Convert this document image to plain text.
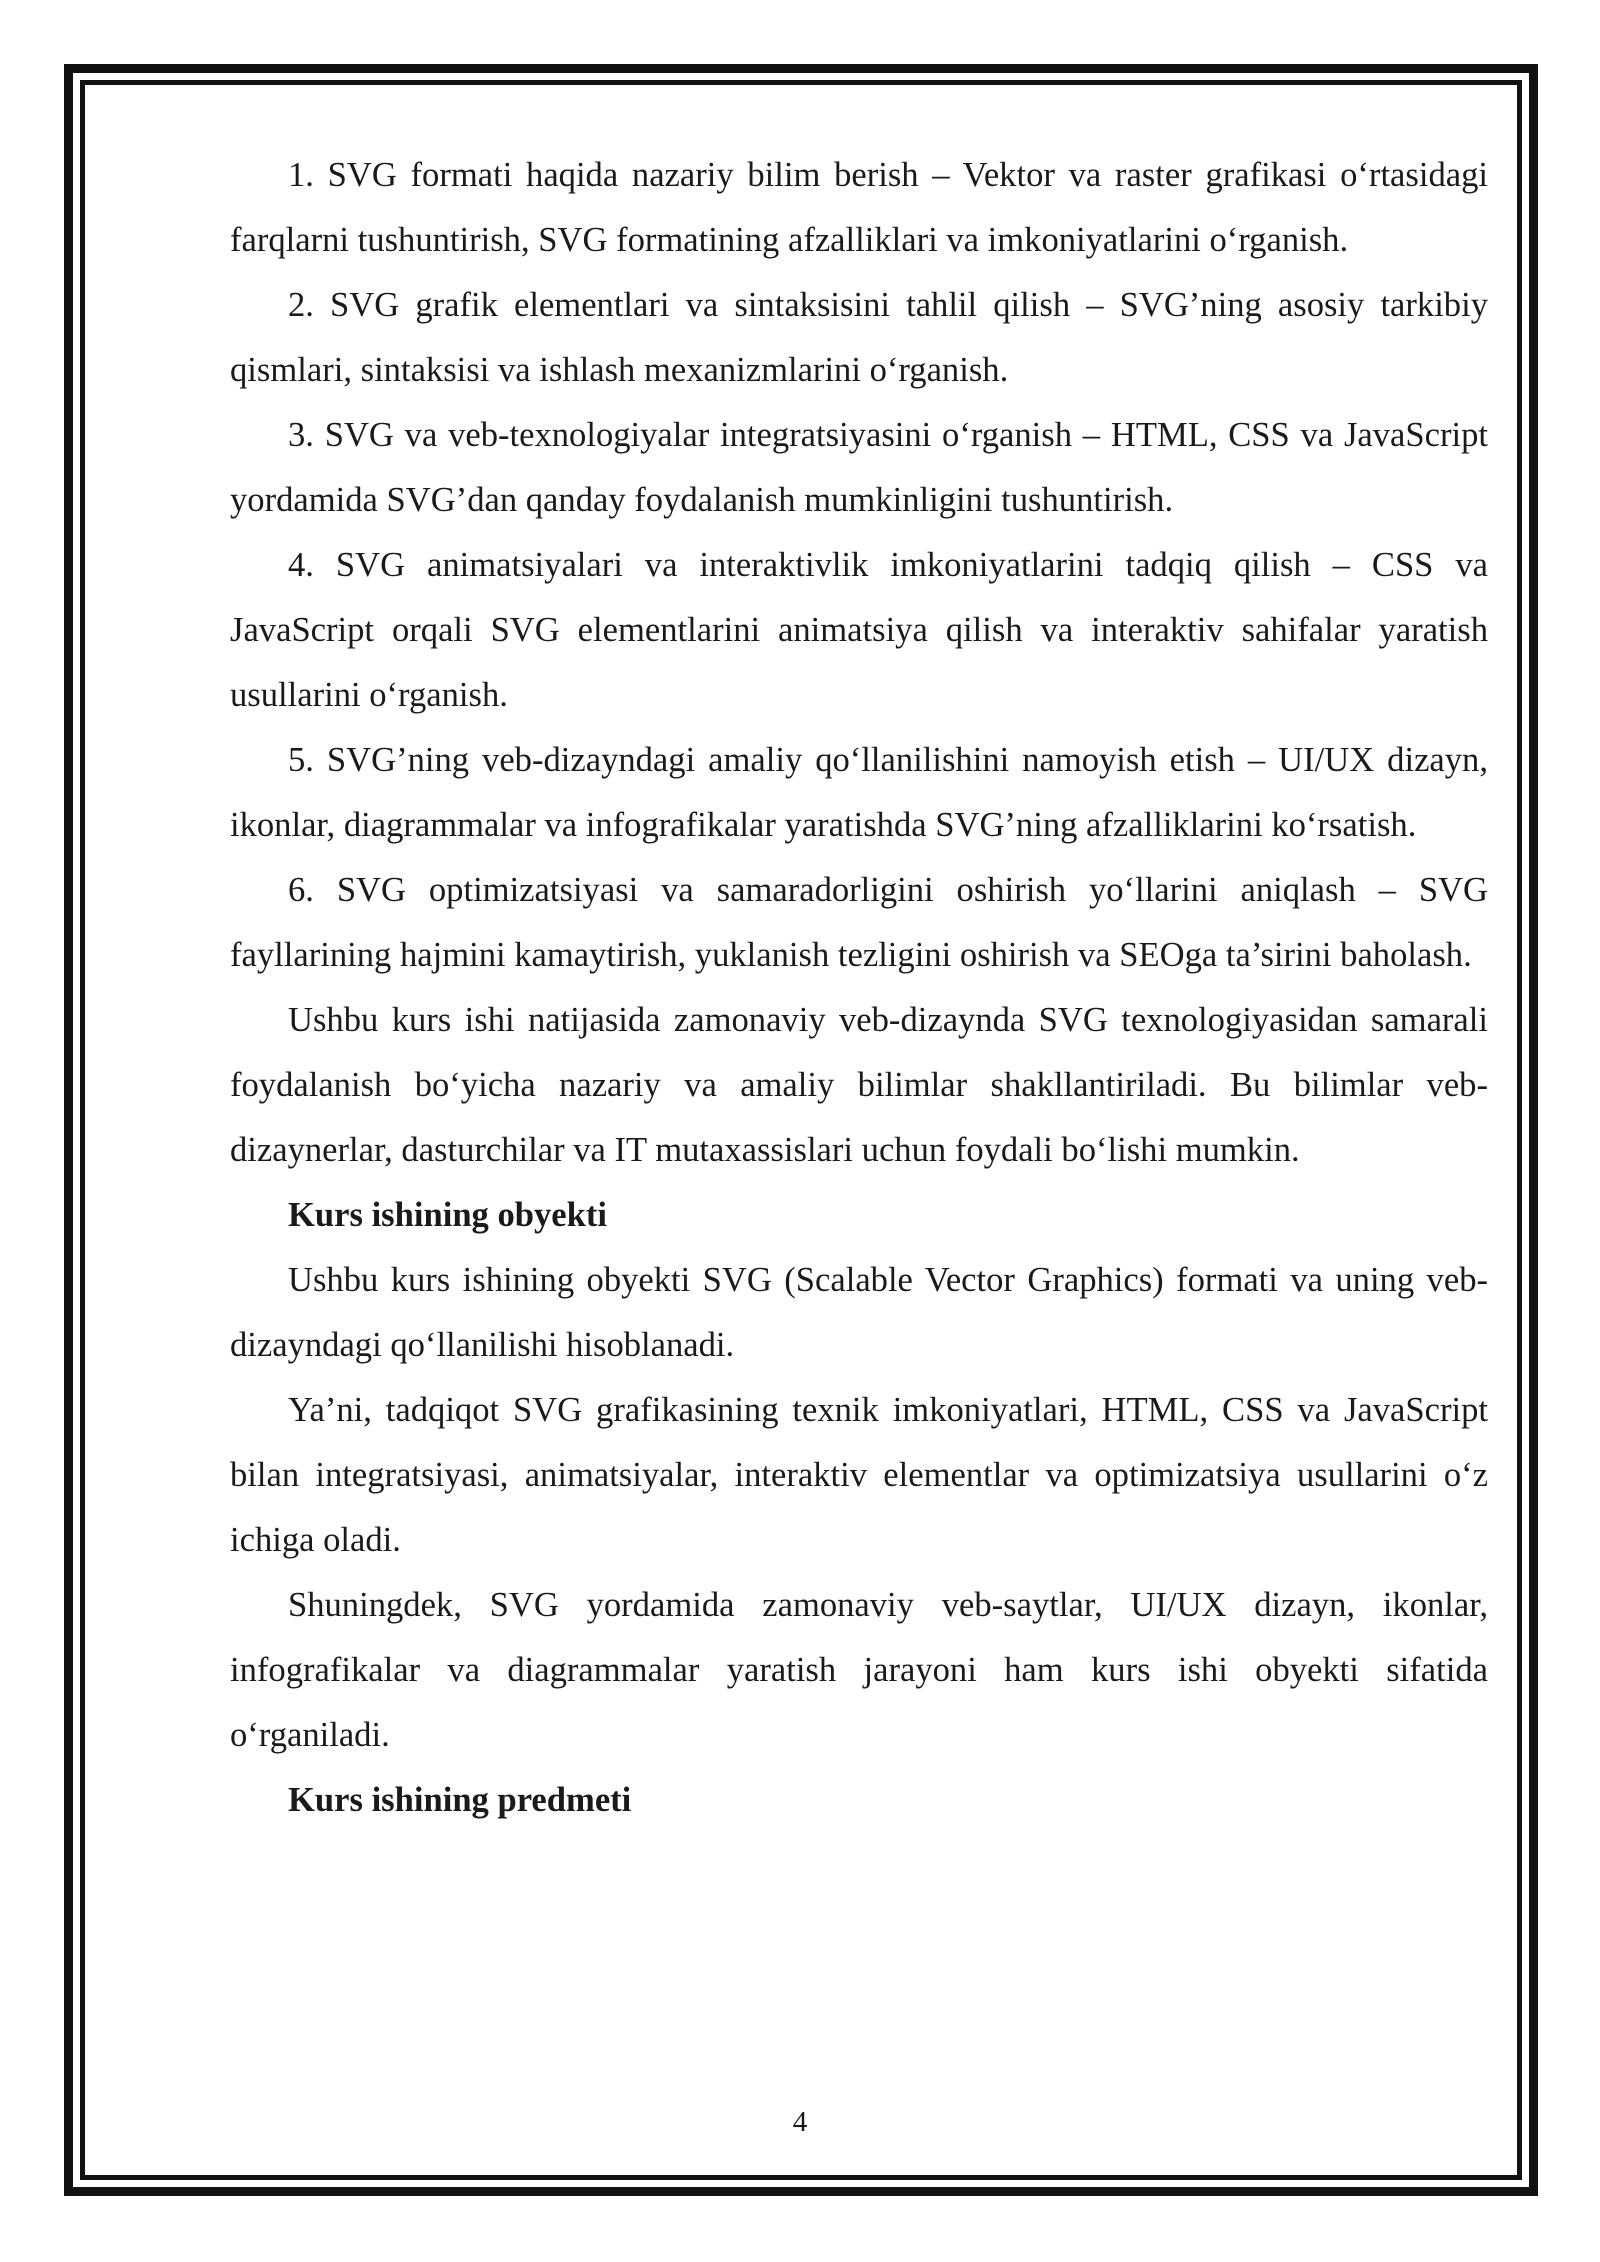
1. SVG formati haqida nazariy bilim berish – Vektor va raster grafikasi o‘rtasidagi farqlarni tushuntirish, SVG formatining afzalliklari va imkoniyatlarini o‘rganish.

2. SVG grafik elementlari va sintaksisini tahlil qilish – SVG’ning asosiy tarkibiy qismlari, sintaksisi va ishlash mexanizmlarini o‘rganish.

3. SVG va veb-texnologiyalar integratsiyasini o‘rganish – HTML, CSS va JavaScript yordamida SVG’dan qanday foydalanish mumkinligini tushuntirish.

4. SVG animatsiyalari va interaktivlik imkoniyatlarini tadqiq qilish – CSS va JavaScript orqali SVG elementlarini animatsiya qilish va interaktiv sahifalar yaratish usullarini o‘rganish.

5. SVG’ning veb-dizayndagi amaliy qo‘llanilishini namoyish etish – UI/UX dizayn, ikonlar, diagrammalar va infografikalar yaratishda SVG’ning afzalliklarini ko‘rsatish.

6. SVG optimizatsiyasi va samaradorligini oshirish yo‘llarini aniqlash – SVG fayllarining hajmini kamaytirish, yuklanish tezligini oshirish va SEOga ta’sirini baholash.

Ushbu kurs ishi natijasida zamonaviy veb-dizaynda SVG texnologiyasidan samarali foydalanish bo‘yicha nazariy va amaliy bilimlar shakllantiriladi. Bu bilimlar veb-dizaynerlar, dasturchilar va IT mutaxassislari uchun foydali bo‘lishi mumkin.

Kurs ishining obyekti

Ushbu kurs ishining obyekti SVG (Scalable Vector Graphics) formati va uning veb-dizayndagi qo‘llanilishi hisoblanadi.

Ya’ni, tadqiqot SVG grafikasining texnik imkoniyatlari, HTML, CSS va JavaScript bilan integratsiyasi, animatsiyalar, interaktiv elementlar va optimizatsiya usullarini o‘z ichiga oladi.

Shuningdek, SVG yordamida zamonaviy veb-saytlar, UI/UX dizayn, ikonlar, infografikalar va diagrammalar yaratish jarayoni ham kurs ishi obyekti sifatida o‘rganiladi.

Kurs ishining predmeti

4
